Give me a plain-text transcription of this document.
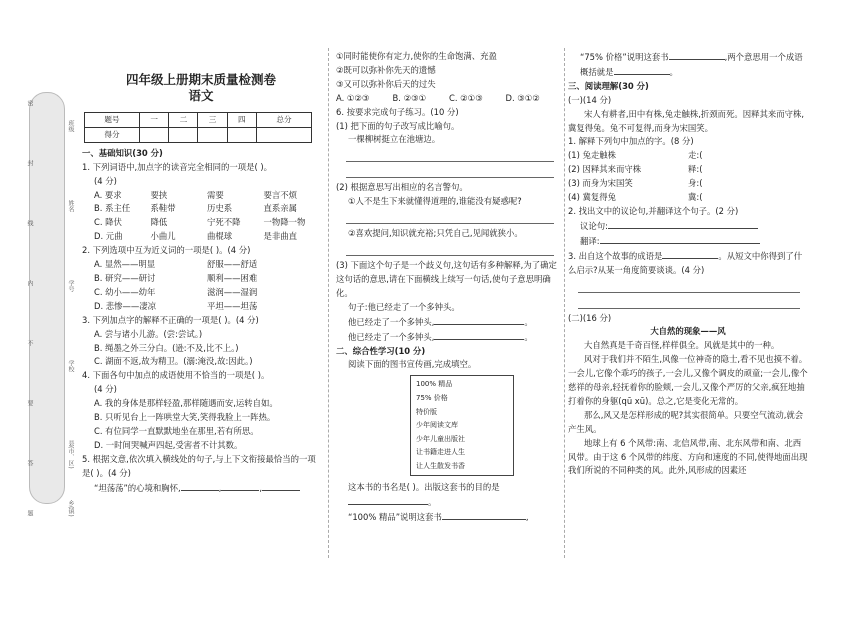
班级
姓名
学号
学校
县(市、区)
乡(镇)
密
封
线
内
不
要
答
题
四年级上册期末质量检测卷
语文
题号	一	二	三	四	总分
得分					
一、基础知识(30 分)
1. 下列词语中,加点字的读音完全相同的一项是( )。
(4 分)
A. 要求	要挟	需要	要言不烦
B. 系主任	系鞋带	历史系	直系亲属
C. 降伏	降低	宁死不降	一物降一物
D. 元曲	小曲儿	曲棍球	是非曲直
2. 下列选项中互为近义词的一项是( )。(4 分)
A. 显然——明显	舒服——舒适
B. 研究——研讨	顺利——困难
C. 幼小——幼年	滋润——湿润
D. 悲惨——凄凉	平坦——坦荡
3. 下列加点字的解释不正确的一项是( )。(4 分)
A. 尝与诸小儿游。(尝:尝试。)
B. 绳墨之外三分白。(逊:不及,比不上。)
C. 湖面不返,故为精卫。(溺:淹没,故:因此。)
4. 下面各句中加点的成语使用不恰当的一项是( )。
(4 分)
A. 我的身体是那样轻盈,那样随遇而安,运转自如。
B. 只听见台上一阵哄堂大笑,笑得我脸上一阵热。
C. 有位同学一直默默地坐在那里,若有所思。
D. 一时间哭喊声四起,受害者不计其数。
5. 根据文意,依次填入横线处的句子,与上下文衔接最恰当的一项是( )。(4 分)
“坦荡荡”的心境和胸怀,	,	,
①同时能使你有定力,使你的生命饱满、充盈
②既可以弥补你先天的遗憾
③又可以弥补你后天的过失
A. ①②③	B. ②③①	C. ②①③	D. ③①②
6. 按要求完成句子练习。(10 分)
(1) 把下面的句子改写成比喻句。
一棵柳树挺立在池塘边。
(2) 根据意思写出相应的名言警句。
①人不是生下来就懂得道理的,谁能没有疑惑呢?
②喜欢提问,知识就充裕;只凭自己,见闻就狭小。
(3) 下面这个句子是一个歧义句,这句话有多种解释,为了确定这句话的意思,请在下面横线上续写一句话,使句子意思明确化。
句子:他已经走了一个多钟头。
他已经走了一个多钟头,	。
他已经走了一个多钟头,	。
二、综合性学习(10 分)
阅读下面的图书宣传画,完成填空。
100% 精品
75% 价格
特价版
少年阅读文库
少年儿童出版社
让书籍走进人生
让人生散发书香
这本书的书名是( )。出版这套书的目的是。
“100% 精品”说明这套书	,
“75% 价格”说明这套书	,两个意思用一个成语概括就是	。
三、阅读理解(30 分)
(一)(14 分)
宋人有耕者,田中有株,兔走触株,折颈而死。因释其来而守株,冀复得兔。兔不可复得,而身为宋国笑。
1. 解释下列句中加点的字。(8 分)
(1) 兔走触株	走:(
(2) 因释其来而守株	释:(
(3) 而身为宋国笑	身:(
(4) 冀复得兔	冀:(
2. 找出文中的议论句,并翻译这个句子。(2 分)
议论句:
翻译:
3. 出自这个故事的成语是	。从短文中你得到了什么启示?从某一角度简要谈谈。(4 分)
(二)(16 分)
大自然的现象——风
大自然真是千奇百怪,样样俱全。风就是其中的一种。
风对于我们并不陌生,风像一位神奇的隐士,看不见也摸不着。一会儿,它像个乖巧的孩子,一会儿,又像个调皮的顽童;一会儿,像个慈祥的母亲,轻抚着你的脸颊,一会儿,又像个严厉的父亲,疯狂地抽打着你的身躯(qū xū)。总之,它是变化无常的。
那么,风又是怎样形成的呢?其实很简单。只要空气流动,就会产生风。
地球上有 6 个风带:南、北信风带,南、北东风带和南、北西风带。由于这 6 个风带的纬度、方向和速度的不同,使得地面出现我们所说的不同种类的风。此外,风形成的因素还
